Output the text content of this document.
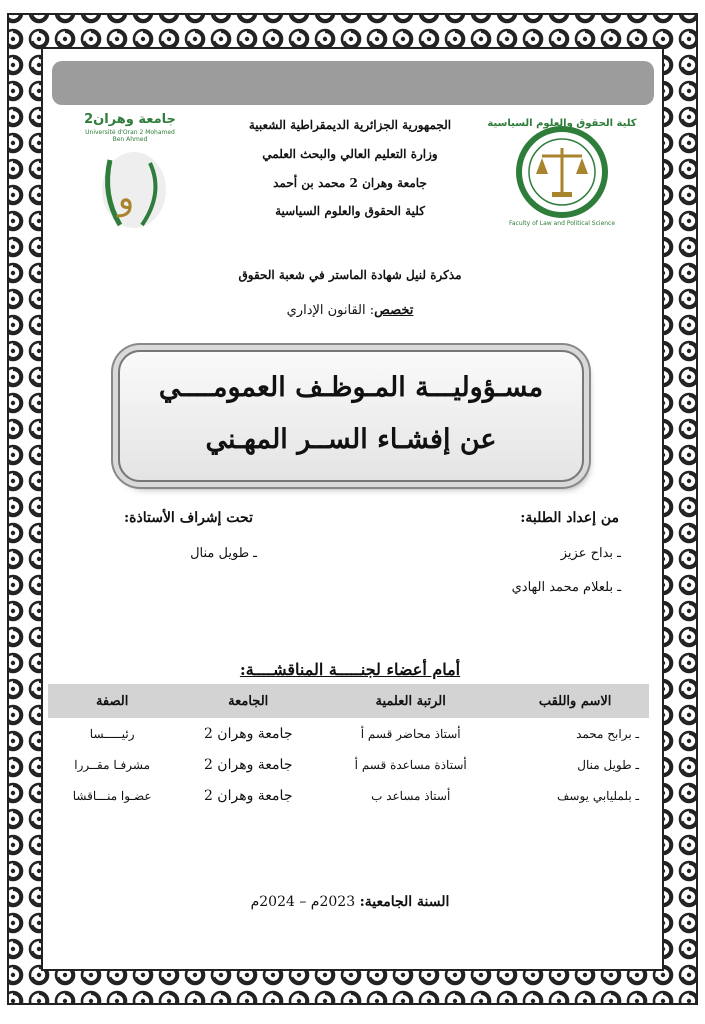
جامعة وهران2
Université d'Oran 2 Mohamed Ben Ahmed
و
كلية الحقوق والعلوم السياسية
Faculty of Law and Political Science
الجمهورية الجزائرية الديمقراطية الشعبية
وزارة التعليم العالي والبحث العلمي
جامعة وهران 2 محمد بن أحمد
كلية الحقوق والعلوم السياسية
مذكرة لنيل شهادة الماستر في شعبة الحقوق
تخصص: القانون الإداري
مسـؤوليـــة المـوظـف العمومــــي
عن إفشـاء الســر المهـني
من إعداد الطلبة:
ـ بداح عزيز
ـ بلعلام محمد الهادي
تحت إشراف الأستاذة:
ـ طويل منال
أمام أعضاء لجنـــــة المناقشــــة:
الاسم واللقب	الرتبة العلمية	الجامعة	الصفة
ـ برابح محمد	أستاذ محاضر قسم أ	جامعة وهران 2	رئيـــــسا
ـ طويل منال	أستاذة مساعدة قسم أ	جامعة وهران 2	مشرفـا مقــررا
ـ بلمليابي يوسف	أستاذ مساعد ب	جامعة وهران 2	عضـوا منـــاقشا
السنة الجامعية: 2023م – 2024م
